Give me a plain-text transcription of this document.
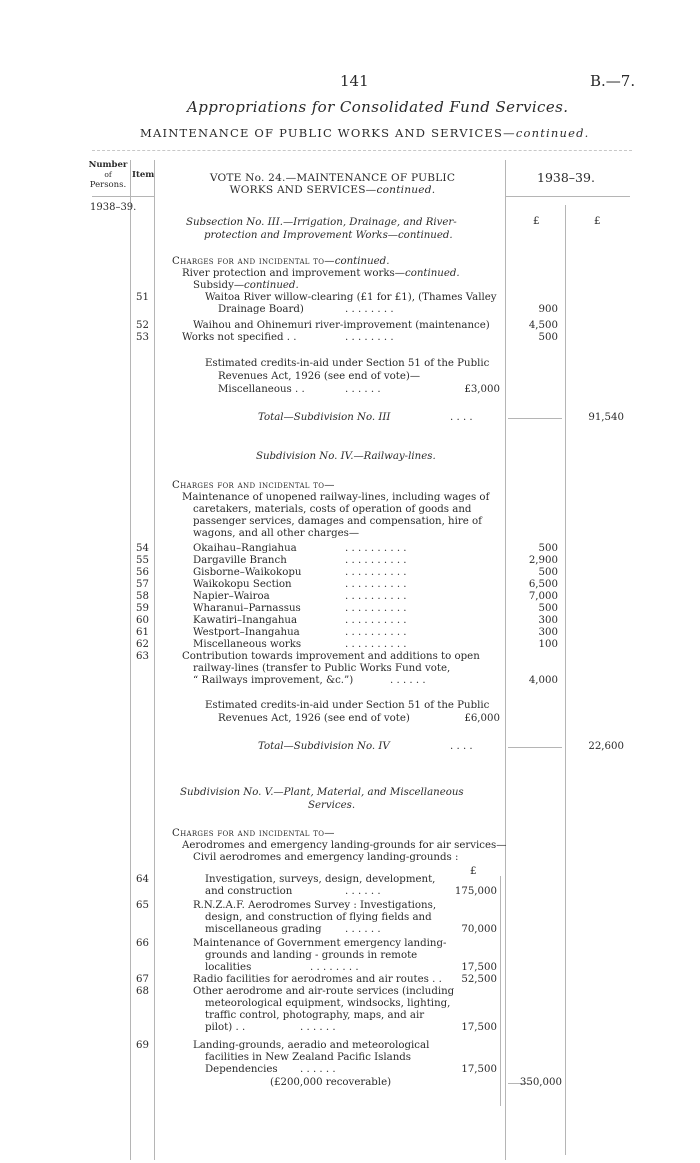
141	B.—7.
Appropriations for Consolidated Fund Services.
MAINTENANCE OF PUBLIC WORKS AND SERVICES—continued.
Number
of
Persons.
Item
1938–39.
1938–39.
£	£
VOTE No. 24.—MAINTENANCE OF PUBLIC
WORKS AND SERVICES—continued.
Subsection No. III.—Irrigation, Drainage, and River-
protection and Improvement Works—continued.
Charges for and incidental to—continued.
River protection and improvement works—continued.
Subsidy—continued.
51	Waitoa River willow-clearing (£1 for £1), (Thames Valley
Drainage Board)	. . . . . . . .	900
52	Waihou and Ohinemuri river-improvement (maintenance)	4,500
53	Works not specified . .	. . . . . . . .	500
Estimated credits-in-aid under Section 51 of the Public
Revenues Act, 1926 (see end of vote)—
Miscellaneous . .	. . . . . .	£3,000
Total—Subdivision No. III	. . . .	91,540
Subdivision No. IV.—Railway-lines.
Charges for and incidental to—
Maintenance of unopened railway-lines, including wages of
caretakers, materials, costs of operation of goods and
passenger services, damages and compensation, hire of
wagons, and all other charges—
54	Okaihau–Rangiahua	. . . . . . . . . .	500
55	Dargaville Branch	. . . . . . . . . .	2,900
56	Gisborne–Waikokopu	. . . . . . . . . .	500
57	Waikokopu Section	. . . . . . . . . .	6,500
58	Napier–Wairoa	. . . . . . . . . .	7,000
59	Wharanui–Parnassus	. . . . . . . . . .	500
60	Kawatiri–Inangahua	. . . . . . . . . .	300
61	Westport–Inangahua	. . . . . . . . . .	300
62	Miscellaneous works	. . . . . . . . . .	100
63	Contribution towards improvement and additions to open
railway-lines (transfer to Public Works Fund vote,
“ Railways improvement, &c.”)	. . . . . .	4,000
Estimated credits-in-aid under Section 51 of the Public
Revenues Act, 1926 (see end of vote)	£6,000
Total—Subdivision No. IV	. . . .	22,600
Subdivision No. V.—Plant, Material, and Miscellaneous
Services.
Charges for and incidental to—
Aerodromes and emergency landing-grounds for air services—
Civil aerodromes and emergency landing-grounds :
£
64	Investigation, surveys, design, development,
and construction	. . . . . .	175,000
65	R.N.Z.A.F. Aerodromes Survey : Investigations,
design, and construction of flying fields and
miscellaneous grading . . . . . .	70,000
66	Maintenance of Government emergency landing-
grounds and landing - grounds in remote
localities	. . . . . . . .	17,500
67	Radio facilities for aerodromes and air routes . .	52,500
68	Other aerodrome and air-route services (including
meteorological equipment, windsocks, lighting,
traffic control, photography, maps, and air
pilot) . .	. . . . . .	17,500
69	Landing-grounds, aeradio and meteorological
facilities in New Zealand Pacific Islands
Dependencies . . . . . .	17,500
(£200,000 recoverable)	350,000
